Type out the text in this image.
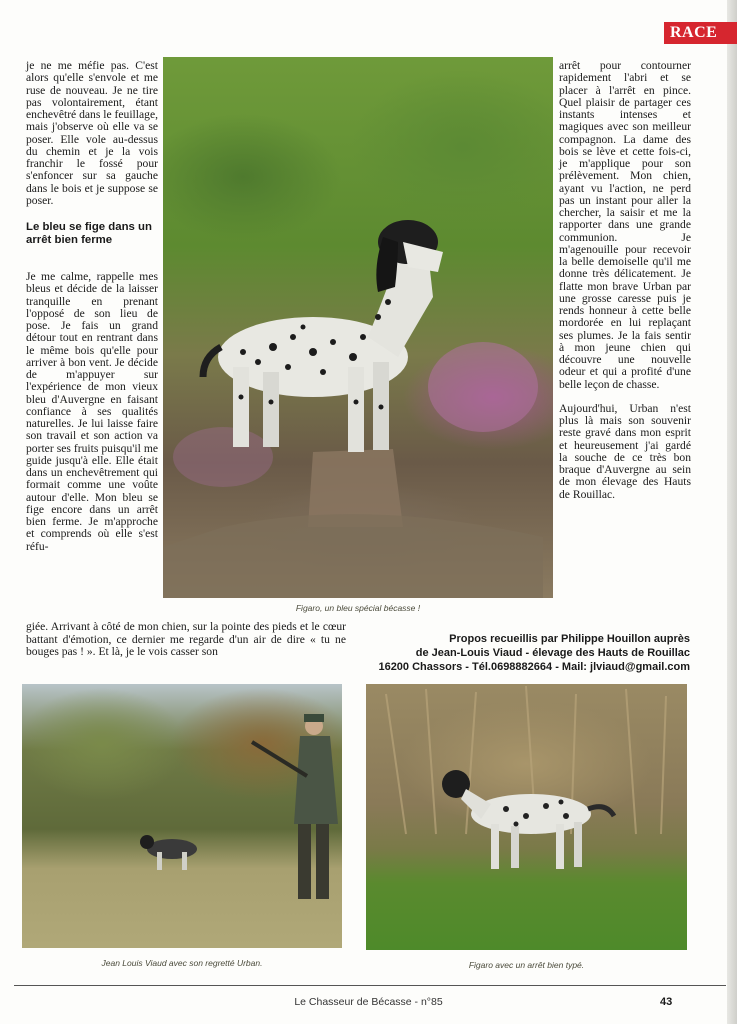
RACE

je ne me méfie pas. C'est alors qu'elle s'envole et me ruse de nouveau. Je ne tire pas volontairement, étant enchevêtré dans le feuillage, mais j'observe où elle va se poser. Elle vole au-dessus du chemin et je la vois franchir le fossé pour s'enfoncer sur sa gauche dans le bois et je suppose se poser.

Le bleu se fige dans un arrêt bien ferme

Je me calme, rappelle mes bleus et décide de la laisser tranquille en prenant l'opposé de son lieu de pose. Je fais un grand détour tout en rentrant dans le même bois qu'elle pour arriver à bon vent. Je décide de m'appuyer sur l'expérience de mon vieux bleu d'Auvergne en faisant confiance à ses qualités naturelles. Je lui laisse faire son travail et son action va porter ses fruits puisqu'il me guide jusqu'à elle. Elle était dans un enchevêtrement qui formait comme une voûte autour d'elle. Mon bleu se fige encore dans un arrêt bien ferme. Je m'approche et comprends où elle s'est réfu-

Figaro, un bleu spécial bécasse !

arrêt pour contourner rapidement l'abri et se placer à l'arrêt en pince. Quel plaisir de partager ces instants intenses et magiques avec son meilleur compagnon. La dame des bois se lève et cette fois-ci, je m'applique pour son prélèvement. Mon chien, ayant vu l'action, ne perd pas un instant pour aller la chercher, la saisir et me la rapporter dans une grande communion. Je m'agenouille pour recevoir la belle demoiselle qu'il me donne très délicatement. Je flatte mon brave Urban par une grosse caresse puis je rends honneur à cette belle mordorée en lui replaçant ses plumes. Je la fais sentir à mon jeune chien qui découvre une nouvelle odeur et qui a profité d'une belle leçon de chasse.

Aujourd'hui, Urban n'est plus là mais son souvenir reste gravé dans mon esprit et heureusement j'ai gardé la souche de ce très bon braque d'Auvergne au sein de mon élevage des Hauts de Rouillac.

giée. Arrivant à côté de mon chien, sur la pointe des pieds et le cœur battant d'émotion, ce dernier me regarde d'un air de dire « tu ne bouges pas ! ». Et là, je le vois casser son
Propos recueillis par Philippe Houillon auprès
de Jean-Louis Viaud - élevage des Hauts de Rouillac
16200 Chassors - Tél.0698882664 - Mail: jlviaud@gmail.com
Jean Louis Viaud avec son regretté Urban.	Figaro avec un arrêt bien typé.
Le Chasseur de Bécasse - n°85	43
